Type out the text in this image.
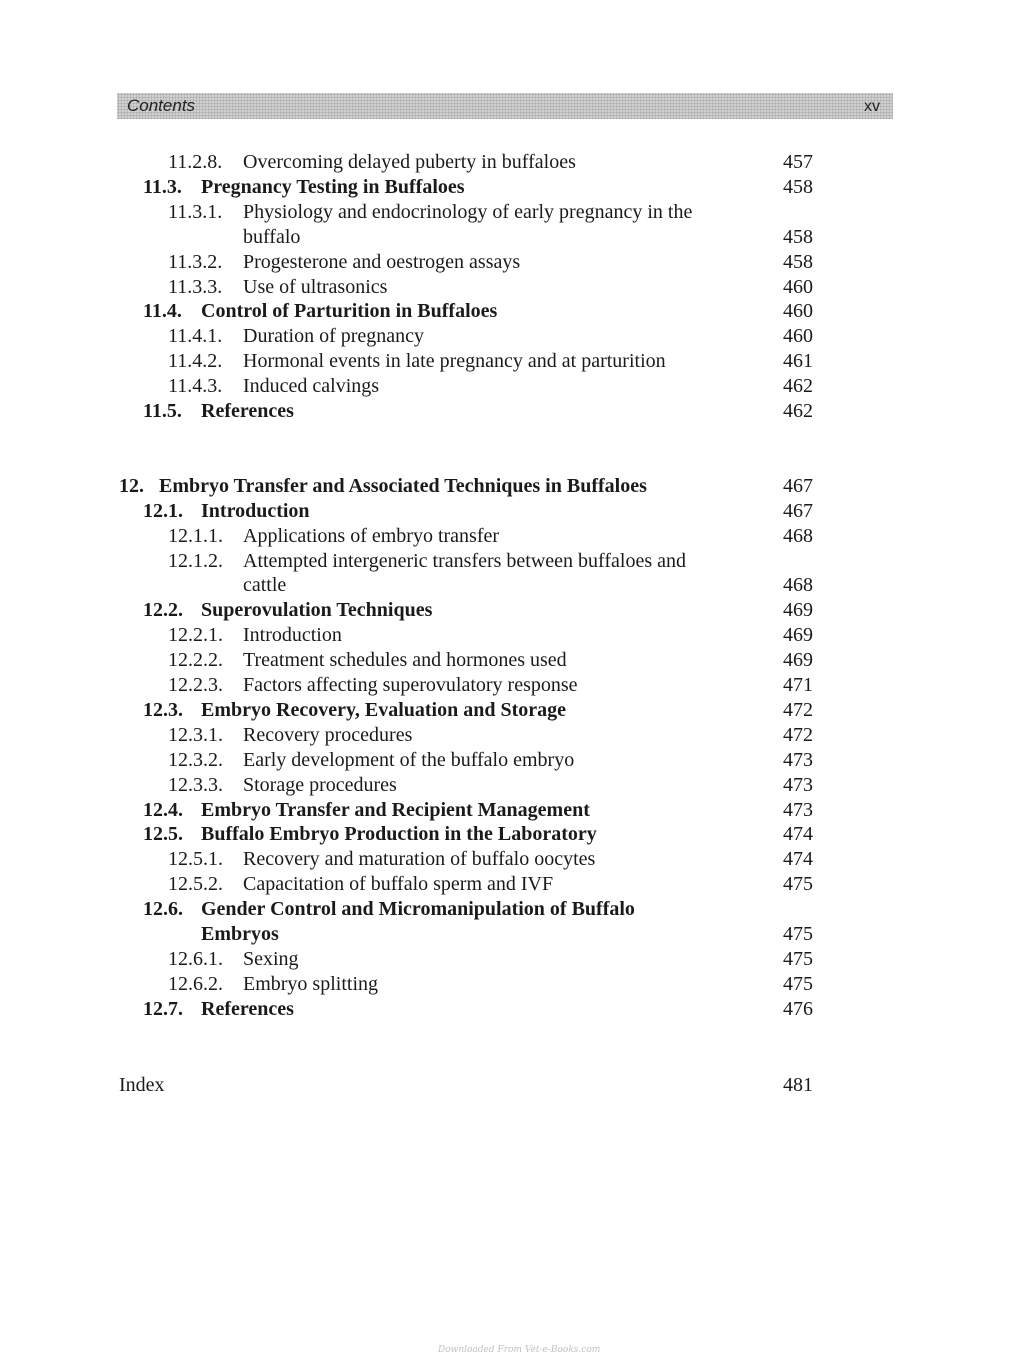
Contents	xv
11.2.8. Overcoming delayed puberty in buffaloes	457
11.3. Pregnancy Testing in Buffaloes	458
11.3.1. Physiology and endocrinology of early pregnancy in the
buffalo	458
11.3.2. Progesterone and oestrogen assays	458
11.3.3. Use of ultrasonics	460
11.4. Control of Parturition in Buffaloes	460
11.4.1. Duration of pregnancy	460
11.4.2. Hormonal events in late pregnancy and at parturition	461
11.4.3. Induced calvings	462
11.5. References	462
12. Embryo Transfer and Associated Techniques in Buffaloes	467
12.1. Introduction	467
12.1.1. Applications of embryo transfer	468
12.1.2. Attempted intergeneric transfers between buffaloes and
cattle	468
12.2. Superovulation Techniques	469
12.2.1. Introduction	469
12.2.2. Treatment schedules and hormones used	469
12.2.3. Factors affecting superovulatory response	471
12.3. Embryo Recovery, Evaluation and Storage	472
12.3.1. Recovery procedures	472
12.3.2. Early development of the buffalo embryo	473
12.3.3. Storage procedures	473
12.4. Embryo Transfer and Recipient Management	473
12.5. Buffalo Embryo Production in the Laboratory	474
12.5.1. Recovery and maturation of buffalo oocytes	474
12.5.2. Capacitation of buffalo sperm and IVF	475
12.6. Gender Control and Micromanipulation of Buffalo
Embryos	475
12.6.1. Sexing	475
12.6.2. Embryo splitting	475
12.7. References	476
Index	481
Downloaded From Vet-e-Books.com
